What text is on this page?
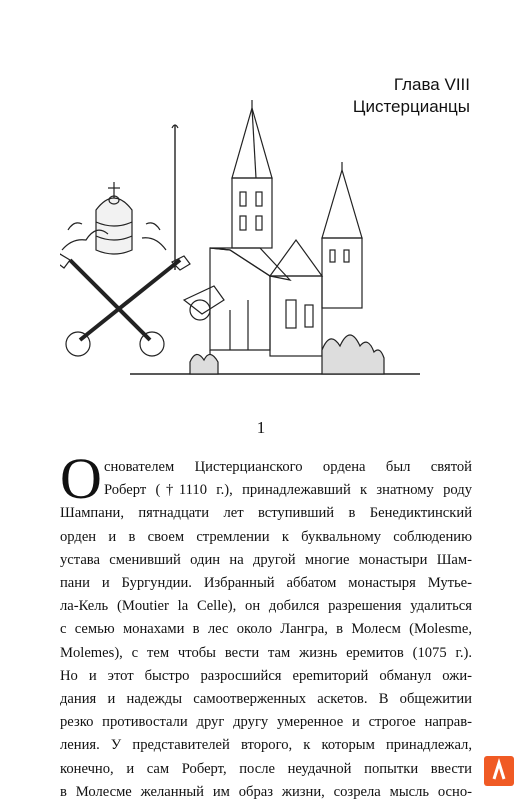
Глава VIII
Цистерцианцы
1
О снователем Цистерцианского ордена был святой
Роберт (†1110 г.), принадлежавший к знатному роду
Шампани, пятнадцати лет вступивший в Бенедиктинский
орден и в своем стремлении к буквальному соблюдению
устава сменивший один на другой многие монастыри Шам-
пани и Бургундии. Избранный аббатом монастыря Мутье-
ла-Кель (Moutier la Celle), он добился разрешения удалиться
с семью монахами в лес около Лангра, в Молесм (Molesme,
Molemes), с тем чтобы вести там жизнь еремитов (1075 г.).
Но и этот быстро разросшийся ерemиторий обманул ожи-
дания и надежды самоотверженных аскетов. В общежитии
резко противостали друг другу умеренное и строгое направ-
ления. У представителей второго, к которым принадлежал,
конечно, и сам Роберт, после неудачной попытки ввести
в Молесме желанный им образ жизни, созрела мысль осно-
